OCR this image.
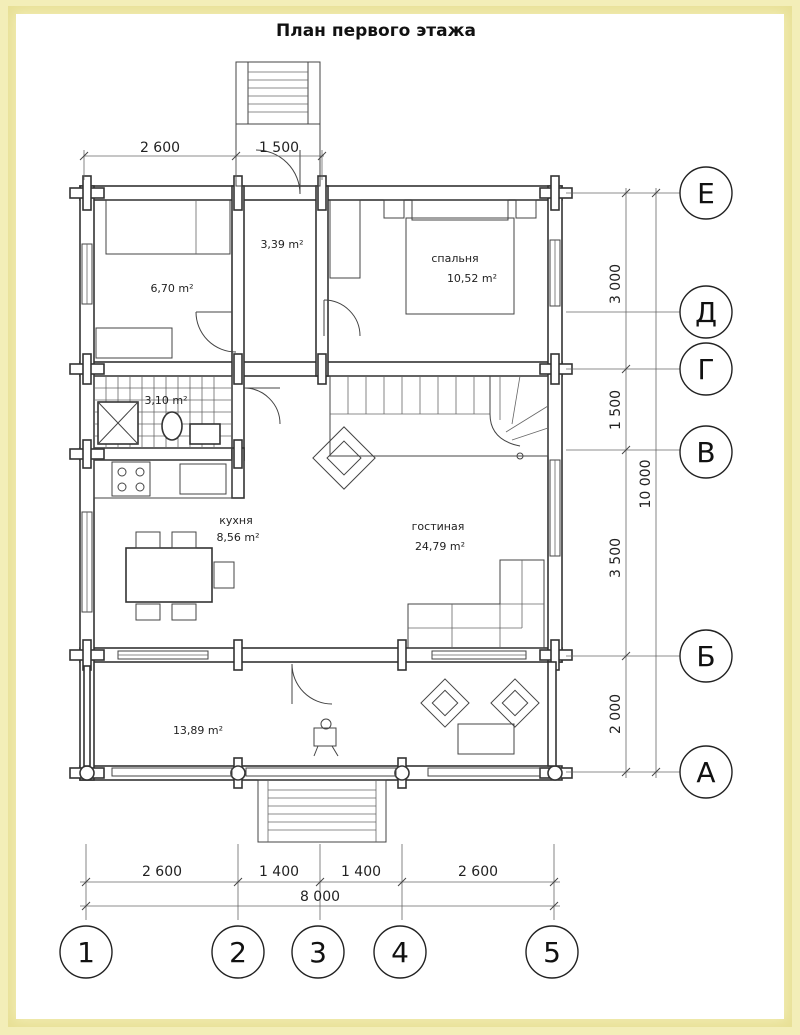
План первого этажа
2 600	1 500
2 600	1 400	1 400	2 600
8 000
3 000
1 500
3 500
2 000
10 000
Е
Д
Г
В
Б
А
1	2 3 4	5
6,70 m²
3,39 m²
спальня
10,52 m²
3,10 m²
кухня
8,56 m²
гостиная
24,79 m²
13,89 m²
